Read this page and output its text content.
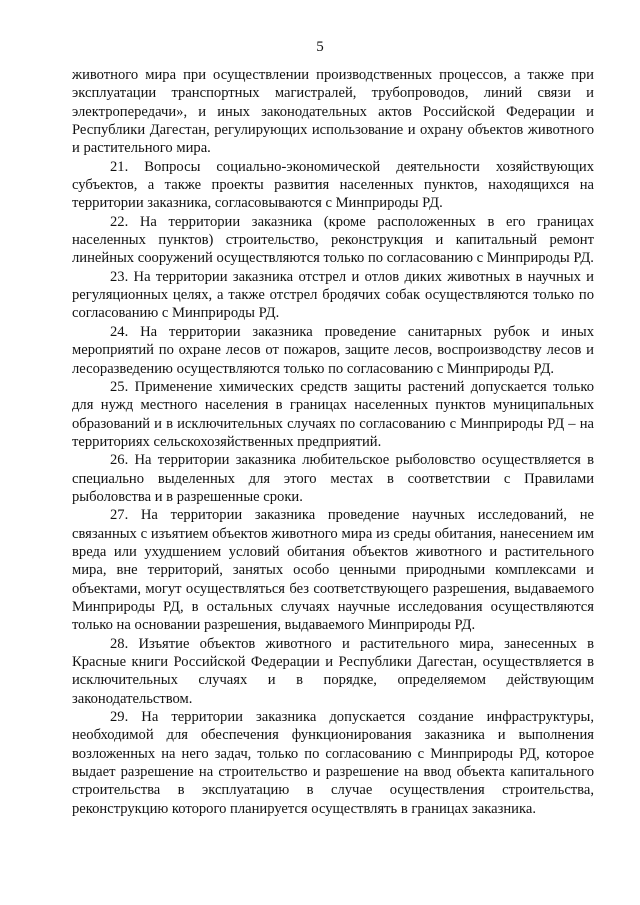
5

животного мира при осуществлении производственных процессов, а также при эксплуатации транспортных магистралей, трубопроводов, линий связи и электропередачи», и иных законодательных актов Российской Федерации и Республики Дагестан, регулирующих использование и охрану объектов животного и растительного мира.

21. Вопросы социально-экономической деятельности хозяйствующих субъектов, а также проекты развития населенных пунктов, находящихся на территории заказника, согласовываются с Минприроды РД.

22. На территории заказника (кроме расположенных в его границах населенных пунктов) строительство, реконструкция и капитальный ремонт линейных сооружений осуществляются только по согласованию с Минприроды РД.

23. На территории заказника отстрел и отлов диких животных в научных и регуляционных целях, а также отстрел бродячих собак осуществляются только по согласованию с Минприроды РД.

24. На территории заказника проведение санитарных рубок и иных мероприятий по охране лесов от пожаров, защите лесов, воспроизводству лесов и лесоразведению осуществляются только по согласованию с Минприроды РД.

25. Применение химических средств защиты растений допускается только для нужд местного населения в границах населенных пунктов муниципальных образований и в исключительных случаях по согласованию с Минприроды РД – на территориях сельскохозяйственных предприятий.

26. На территории заказника любительское рыболовство осуществляется в специально выделенных для этого местах в соответствии с Правилами рыболовства и в разрешенные сроки.

27. На территории заказника проведение научных исследований, не связанных с изъятием объектов животного мира из среды обитания, нанесением им вреда или ухудшением условий обитания объектов животного и растительного мира, вне территорий, занятых особо ценными природными комплексами и объектами, могут осуществляться без соответствующего разрешения, выдаваемого Минприроды РД, в остальных случаях научные исследования осуществляются только на основании разрешения, выдаваемого Минприроды РД.

28. Изъятие объектов животного и растительного мира, занесенных в Красные книги Российской Федерации и Республики Дагестан, осуществляется в исключительных случаях и в порядке, определяемом действующим законодательством.

29. На территории заказника допускается создание инфраструктуры, необходимой для обеспечения функционирования заказника и выполнения возложенных на него задач, только по согласованию с Минприроды РД, которое выдает разрешение на строительство и разрешение на ввод объекта капитального строительства в эксплуатацию в случае осуществления строительства, реконструкцию которого планируется осуществлять в границах заказника.
